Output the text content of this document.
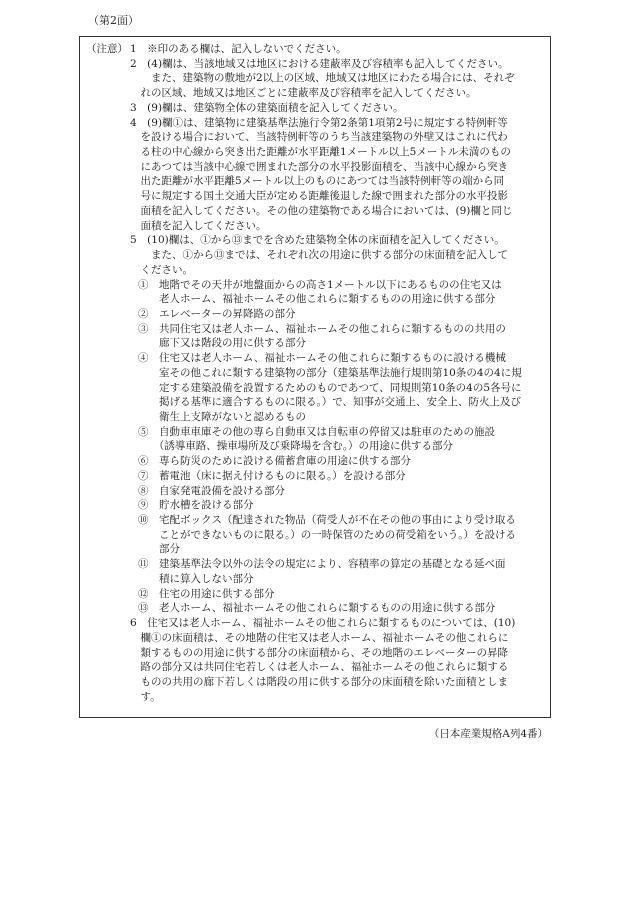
（第2面）
（注意） 1　※印のある欄は、記入しないでください。
2　(4)欄は、当該地域又は地区における建蔽率及び容積率も記入してください。
　　また、建築物の敷地が2以上の区域、地域又は地区にわたる場合には、それぞ
　れの区域、地域又は地区ごとに建蔽率及び容積率を記入してください。
3　(9)欄は、建築物全体の建築面積を記入してください。
4　(9)欄①は、建築物に建築基準法施行令第2条第1項第2号に規定する特例軒等
　を設ける場合において、当該特例軒等のうち当該建築物の外壁又はこれに代わ
　る柱の中心線から突き出た距離が水平距離1メートル以上5メートル未満のもの
　にあつては当該中心線で囲まれた部分の水平投影面積を、当該中心線から突き
　出た距離が水平距離5メートル以上のものにあつては当該特例軒等の端から同
　号に規定する国土交通大臣が定める距離後退した線で囲まれた部分の水平投影
　面積を記入してください。その他の建築物である場合においては、(9)欄と同じ
　面積を記入してください。
5　(10)欄は、①から⑬までを含めた建築物全体の床面積を記入してください。
　　また、①から⑬までは、それぞれ次の用途に供する部分の床面積を記入して
　ください。
①　地階でその天井が地盤面からの高さ1メートル以下にあるものの住宅又は
　　老人ホーム、福祉ホームその他これらに類するものの用途に供する部分
②　エレベーターの昇降路の部分
③　共同住宅又は老人ホーム、福祉ホームその他これらに類するものの共用の
　　廊下又は階段の用に供する部分
④　住宅又は老人ホーム、福祉ホームその他これらに類するものに設ける機械
　　室その他これに類する建築物の部分（建築基準法施行規則第10条の4の4に規
　　定する建築設備を設置するためのものであつて、同規則第10条の4の5各号に
　　掲げる基準に適合するものに限る。）で、知事が交通上、安全上、防火上及び
　　衛生上支障がないと認めるもの
⑤　自動車車庫その他の専ら自動車又は自転車の停留又は駐車のための施設
　　（誘導車路、操車場所及び乗降場を含む。）の用途に供する部分
⑥　専ら防災のために設ける備蓄倉庫の用途に供する部分
⑦　蓄電池（床に据え付けるものに限る。）を設ける部分
⑧　自家発電設備を設ける部分
⑨　貯水槽を設ける部分
⑩　宅配ボックス（配達された物品（荷受人が不在その他の事由により受け取る
　　ことができないものに限る。）の一時保管のための荷受箱をいう。）を設ける
　　部分
⑪　建築基準法令以外の法令の規定により、容積率の算定の基礎となる延べ面
　　積に算入しない部分
⑫　住宅の用途に供する部分
⑬　老人ホーム、福祉ホームその他これらに類するものの用途に供する部分
6　住宅又は老人ホーム、福祉ホームその他これらに類するものについては、(10)
　欄①の床面積は、その地階の住宅又は老人ホーム、福祉ホームその他これらに
　類するものの用途に供する部分の床面積から、その地階のエレベーターの昇降
　路の部分又は共同住宅若しくは老人ホーム、福祉ホームその他これらに類する
　ものの共用の廊下若しくは階段の用に供する部分の床面積を除いた面積としま
　す。
（日本産業規格A列4番）
